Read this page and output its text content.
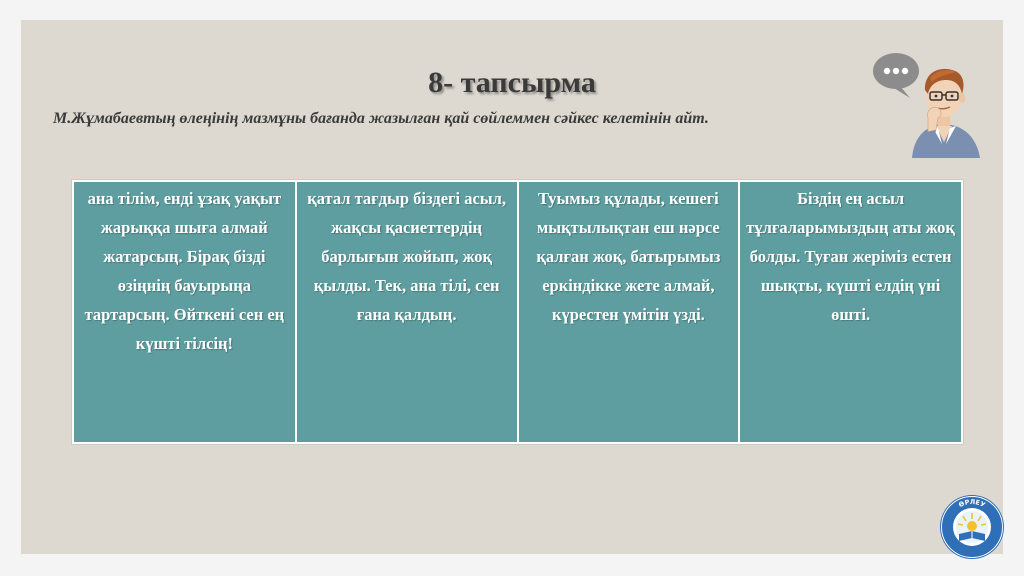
8- тапсырма

М.Жұмабаевтың өлеңінің мазмұны бағанда жазылған қай сөйлеммен сәйкес келетінін айт.

ана тілім, енді ұзақ уақыт жарыққа шыға алмай жатарсың. Бірақ бізді өзіңнің бауырыңа тартарсың. Өйткені сен ең күшті тілсің!	қатал тағдыр біздегі асыл, жақсы қасиеттердің барлығын жойып, жоқ қылды. Тек, ана тілі, сен ғана қалдың.	Туымыз құлады, кешегі мықтылықтан еш нәрсе қалған жоқ, батырымыз еркіндікке жете алмай, күрестен үмітін үзді.	Біздің ең асыл тұлғаларымыздың аты жоқ болды. Туған жеріміз естен шықты, күшті елдің үні өшті.
ӨРЛЕУ
